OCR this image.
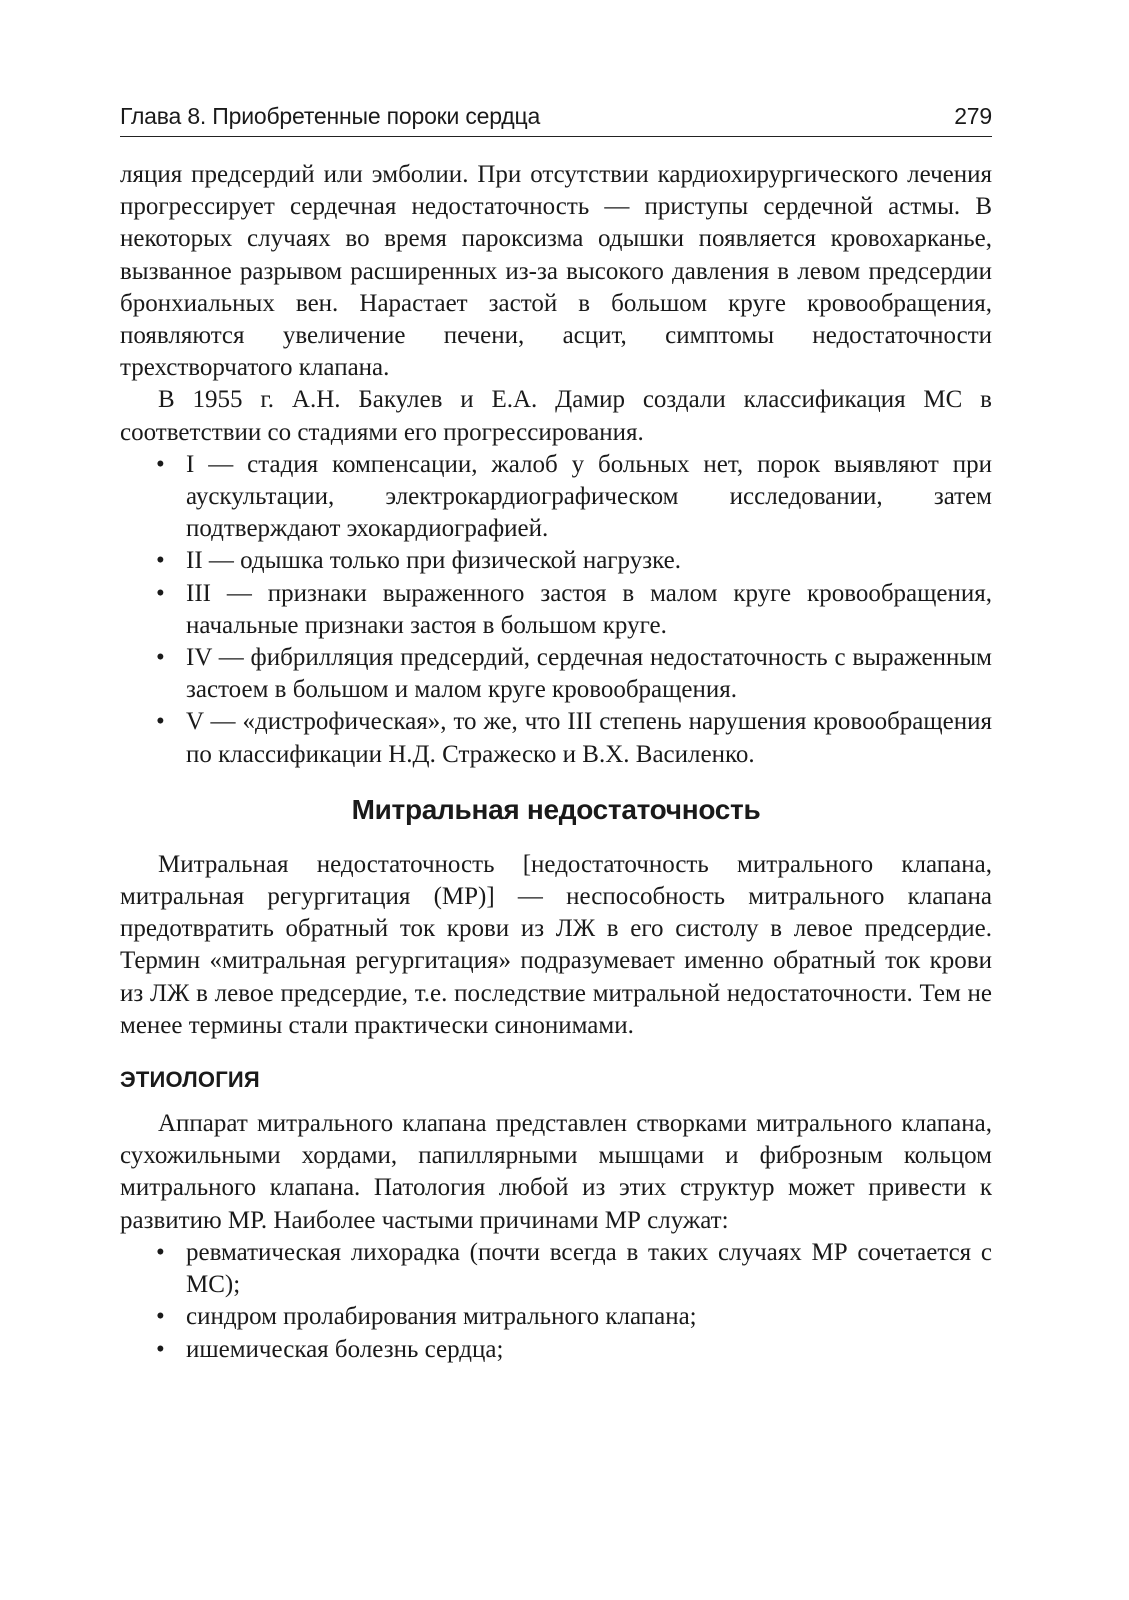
Глава 8. Приобретенные пороки сердца	279

ляция предсердий или эмболии. При отсутствии кардиохирургического лечения прогрессирует сердечная недостаточность — приступы сердечной астмы. В некоторых случаях во время пароксизма одышки появляется кровохарканье, вызванное разрывом расширенных из-за высокого давления в левом предсердии бронхиальных вен. Нарастает застой в большом круге кровообращения, появляются увеличение печени, асцит, симптомы недостаточности трехстворчатого клапана.

В 1955 г. А.Н. Бакулев и Е.А. Дамир создали классификация МС в соответствии со стадиями его прогрессирования.

• I — стадия компенсации, жалоб у больных нет, порок выявляют при аускультации, электрокардиографическом исследовании, затем подтверждают эхокардиографией.
• II — одышка только при физической нагрузке.
• III — признаки выраженного застоя в малом круге кровообращения, начальные признаки застоя в большом круге.
• IV — фибрилляция предсердий, сердечная недостаточность с выраженным застоем в большом и малом круге кровообращения.
• V — «дистрофическая», то же, что III степень нарушения кровообращения по классификации Н.Д. Стражеско и В.Х. Василенко.
Митральная недостаточность

Митральная недостаточность [недостаточность митрального клапана, митральная регургитация (МР)] — неспособность митрального клапана предотвратить обратный ток крови из ЛЖ в его систолу в левое предсердие. Термин «митральная регургитация» подразумевает именно обратный ток крови из ЛЖ в левое предсердие, т.е. последствие митральной недостаточности. Тем не менее термины стали практически синонимами.

ЭТИОЛОГИЯ

Аппарат митрального клапана представлен створками митрального клапана, сухожильными хордами, папиллярными мышцами и фиброзным кольцом митрального клапана. Патология любой из этих структур может привести к развитию МР. Наиболее частыми причинами МР служат:

• ревматическая лихорадка (почти всегда в таких случаях МР сочетается с МС);
• синдром пролабирования митрального клапана;
• ишемическая болезнь сердца;
